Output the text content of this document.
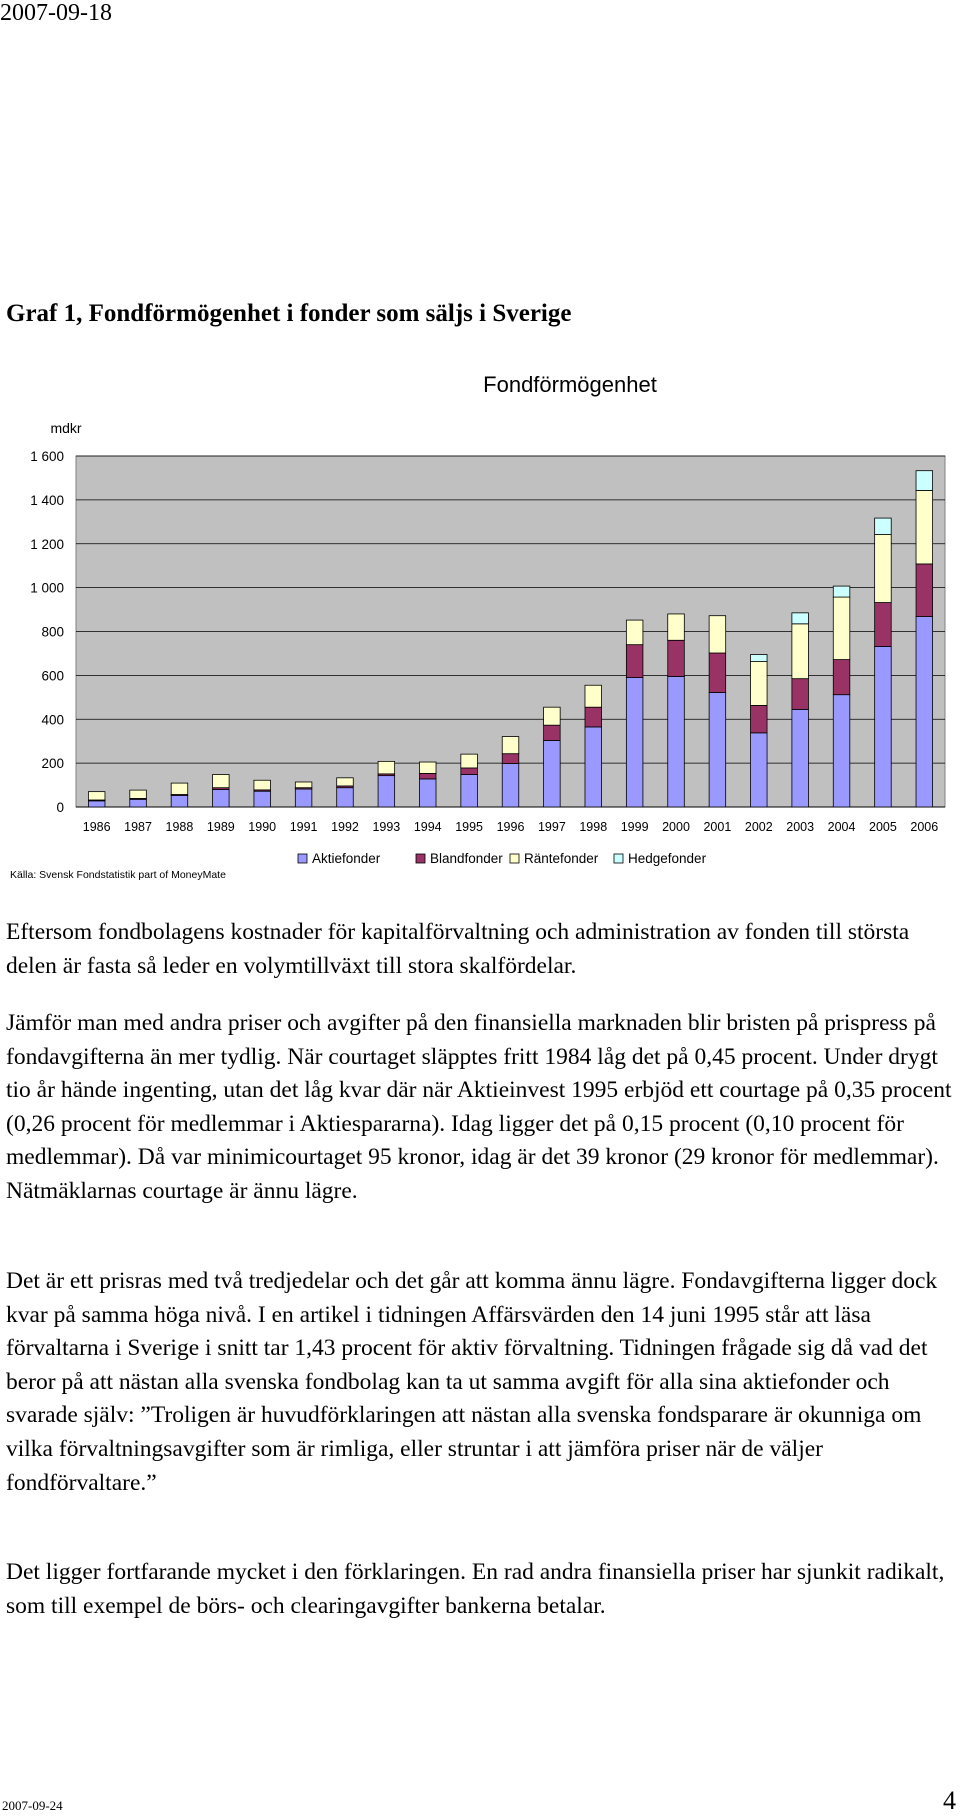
2007-09-18
Graf 1, Fondförmögenhet i fonder som säljs i Sverige
Fondförmögenhet
mdkr
Källa: Svensk Fondstatistik part of MoneyMate
0
200
400
600
800
1 000
1 200
1 400
1 600
1986 1987 1988 1989 1990 1991 1992 1993 1994 1995 1996 1997 1998 1999 2000 2001 2002 2003 2004 2005 2006
Aktiefonder	Blandfonder Räntefonder Hedgefonder

Eftersom fondbolagens kostnader för kapitalförvaltning och administration av fonden till största delen är fasta så leder en volymtillväxt till stora skalfördelar.

Jämför man med andra priser och avgifter på den finansiella marknaden blir bristen på prispress på fondavgifterna än mer tydlig. När courtaget släpptes fritt 1984 låg det på 0,45 procent. Under drygt tio år hände ingenting, utan det låg kvar där när Aktieinvest 1995 erbjöd ett courtage på 0,35 procent (0,26 procent för medlemmar i Aktiespararna). Idag ligger det på 0,15 procent (0,10 procent för medlemmar). Då var minimicourtaget 95 kronor, idag är det 39 kronor (29 kronor för medlemmar). Nätmäklarnas courtage är ännu lägre.

Det är ett prisras med två tredjedelar och det går att komma ännu lägre. Fondavgifterna ligger dock kvar på samma höga nivå. I en artikel i tidningen Affärsvärden den 14 juni 1995 står att läsa förvaltarna i Sverige i snitt tar 1,43 procent för aktiv förvaltning. Tidningen frågade sig då vad det beror på att nästan alla svenska fondbolag kan ta ut samma avgift för alla sina aktiefonder och svarade själv: ”Troligen är huvudförklaringen att nästan alla svenska fondsparare är okunniga om vilka förvaltningsavgifter som är rimliga, eller struntar i att jämföra priser när de väljer fondförvaltare.”

Det ligger fortfarande mycket i den förklaringen. En rad andra finansiella priser har sjunkit radikalt, som till exempel de börs- och clearingavgifter bankerna betalar.

2007-09-24	4
